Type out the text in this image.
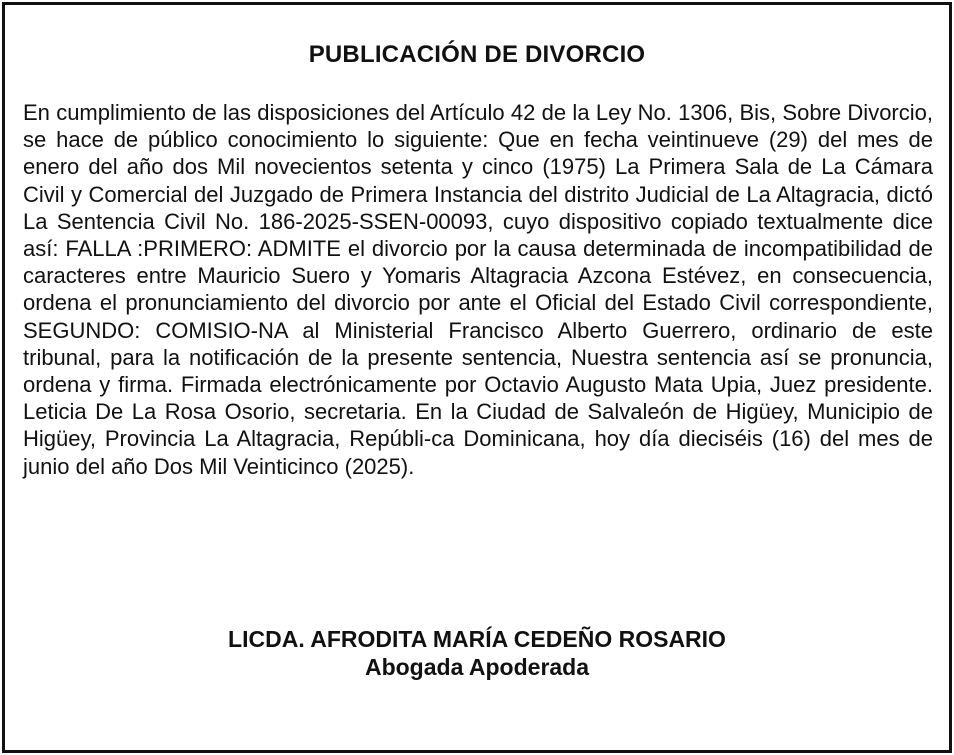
PUBLICACIÓN DE DIVORCIO

En cumplimiento de las disposiciones del Artículo 42 de la Ley No. 1306, Bis, Sobre Divorcio, se hace de público conocimiento lo siguiente: Que en fecha veintinueve (29) del mes de enero del año dos Mil novecientos setenta y cinco (1975) La Primera Sala de La Cámara Civil y Comercial del Juzgado de Primera Instancia del distrito Judicial de La Altagracia, dictó La Sentencia Civil No. 186-2025-SSEN-00093, cuyo dispositivo copiado textualmente dice así: FALLA :PRIMERO: ADMITE el divorcio por la causa determinada de incompatibilidad de caracteres entre Mauricio Suero y Yomaris Altagracia Azcona Estévez, en consecuencia, ordena el pronunciamiento del divorcio por ante el Oficial del Estado Civil correspondiente, SEGUNDO: COMISIO-NA al Ministerial Francisco Alberto Guerrero, ordinario de este tribunal, para la notificación de la presente sentencia, Nuestra sentencia así se pronuncia, ordena y firma. Firmada electrónicamente por Octavio Augusto Mata Upia, Juez presidente. Leticia De La Rosa Osorio, secretaria. En la Ciudad de Salvaleón de Higüey, Municipio de Higüey, Provincia La Altagracia, Repúbli-ca Dominicana, hoy día dieciséis (16) del mes de junio del año Dos Mil Veinticinco (2025).

LICDA. AFRODITA MARÍA CEDEÑO ROSARIO
Abogada Apoderada
